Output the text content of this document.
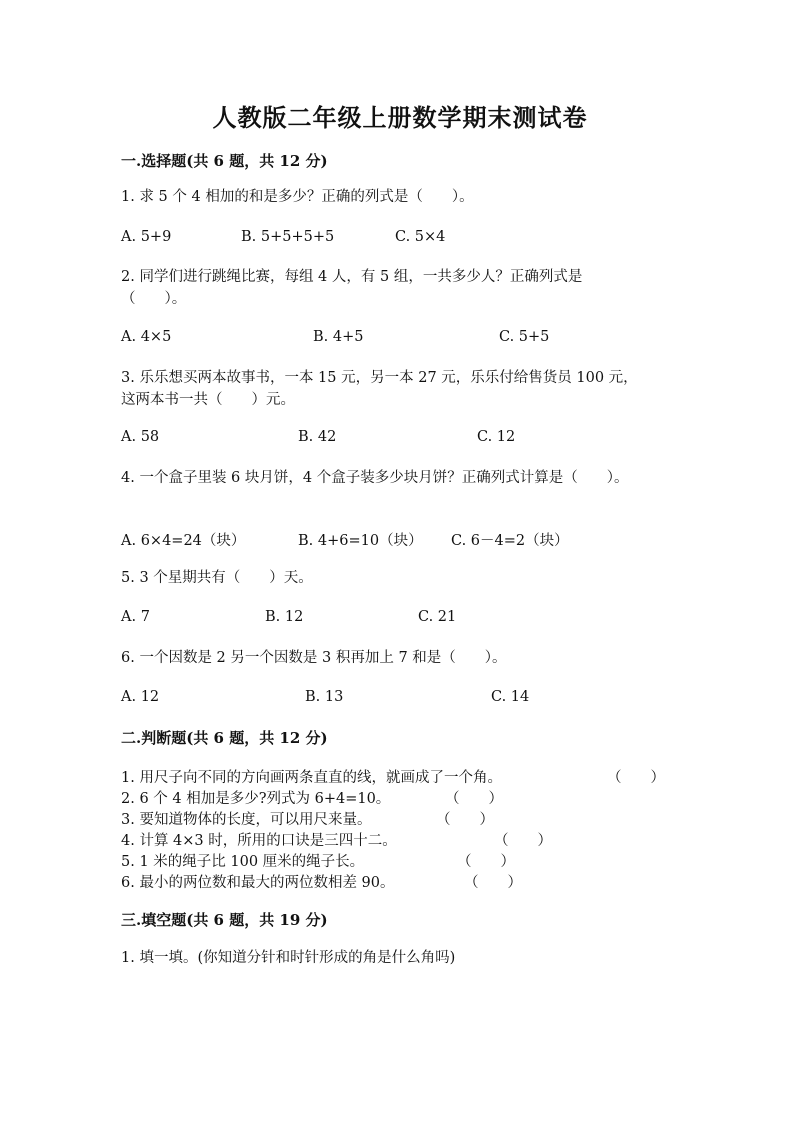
人教版二年级上册数学期末测试卷
一.选择题(共 6 题，共 12 分)
1. 求 5 个 4 相加的和是多少？正确的列式是（　　）。
A. 5+9	B. 5+5+5+5	C. 5×4
2. 同学们进行跳绳比赛，每组 4 人，有 5 组，一共多少人？正确列式是（　　）。
A. 4×5	B. 4+5	C. 5+5
3. 乐乐想买两本故事书，一本 15 元，另一本 27 元，乐乐付给售货员 100 元，这两本书一共（　　）元。
A. 58	B. 42	C. 12
4. 一个盒子里装 6 块月饼，4 个盒子装多少块月饼？正确列式计算是（　　）。
A. 6×4=24（块）	B. 4+6=10（块） C. 6－4=2（块）
5. 3 个星期共有（　　）天。
A. 7	B. 12	C. 21
6. 一个因数是 2 另一个因数是 3 积再加上 7 和是（　　）。
A. 12	B. 13	C. 14
二.判断题(共 6 题，共 12 分)
1. 用尺子向不同的方向画两条直直的线，就画成了一个角。	（　　）
2. 6 个 4 相加是多少?列式为 6+4=10。	（　　）
3. 要知道物体的长度，可以用尺来量。	（　　）
4. 计算 4×3 时，所用的口诀是三四十二。	（　　）
5. 1 米的绳子比 100 厘米的绳子长。	（　　）
6. 最小的两位数和最大的两位数相差 90。	（　　）
三.填空题(共 6 题，共 19 分)
1. 填一填。(你知道分针和时针形成的角是什么角吗)
